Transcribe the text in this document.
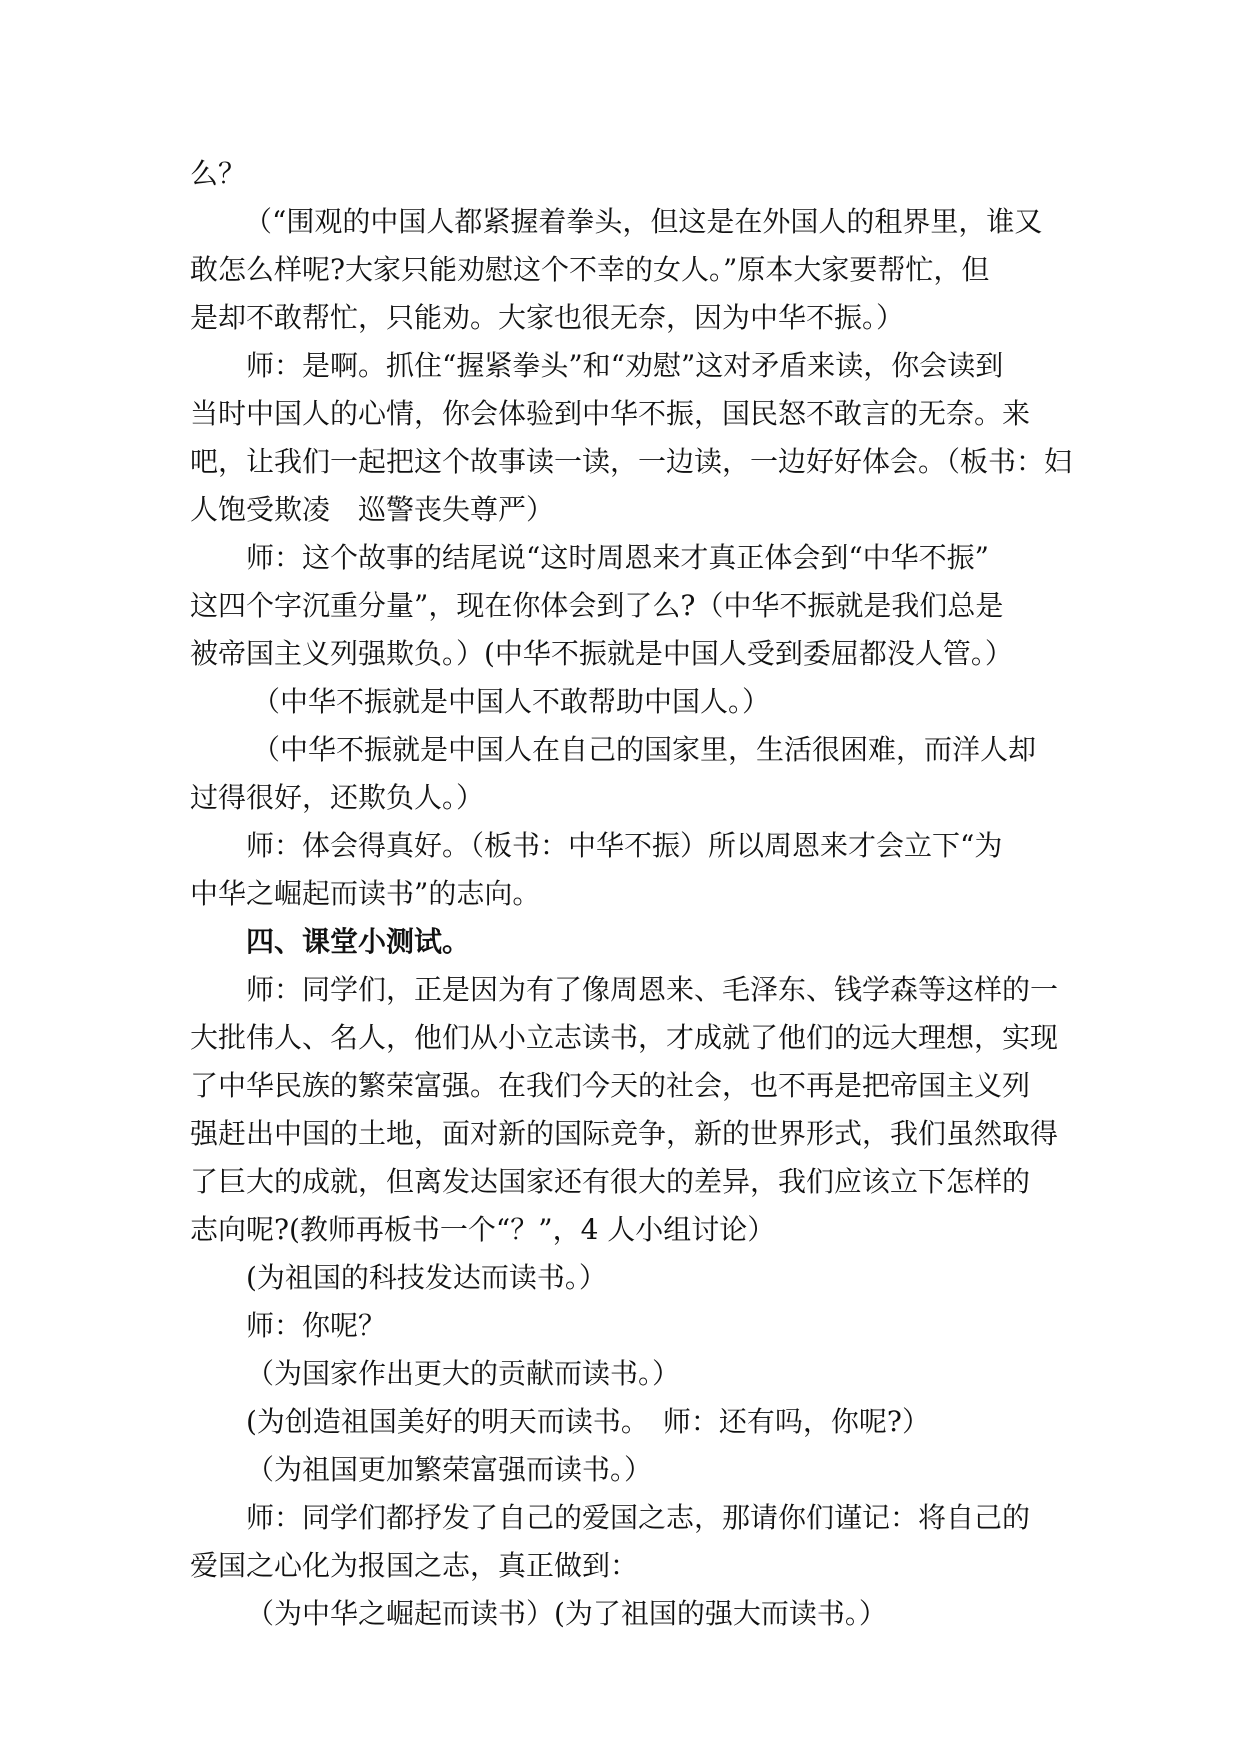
么？
（“围观的中国人都紧握着拳头，但这是在外国人的租界里，谁又
敢怎么样呢?大家只能劝慰这个不幸的女人。”原本大家要帮忙，但
是却不敢帮忙，只能劝。大家也很无奈，因为中华不振。）
师：是啊。抓住“握紧拳头”和“劝慰”这对矛盾来读，你会读到
当时中国人的心情，你会体验到中华不振，国民怒不敢言的无奈。来
吧，让我们一起把这个故事读一读，一边读，一边好好体会。（板书：妇
人饱受欺凌　巡警丧失尊严）
师：这个故事的结尾说“这时周恩来才真正体会到“中华不振”
这四个字沉重分量”，现在你体会到了么?（中华不振就是我们总是
被帝国主义列强欺负。）(中华不振就是中国人受到委屈都没人管。）
（中华不振就是中国人不敢帮助中国人。）
（中华不振就是中国人在自己的国家里，生活很困难，而洋人却
过得很好，还欺负人。）
师：体会得真好。（板书：中华不振）所以周恩来才会立下“为
中华之崛起而读书”的志向。
四、课堂小测试。
师：同学们，正是因为有了像周恩来、毛泽东、钱学森等这样的一
大批伟人、名人，他们从小立志读书，才成就了他们的远大理想，实现
了中华民族的繁荣富强。在我们今天的社会，也不再是把帝国主义列
强赶出中国的土地，面对新的国际竞争，新的世界形式，我们虽然取得
了巨大的成就，但离发达国家还有很大的差异，我们应该立下怎样的
志向呢?(教师再板书一个“？”，4 人小组讨论）
(为祖国的科技发达而读书。）
师：你呢？
（为国家作出更大的贡献而读书。）
(为创造祖国美好的明天而读书。　师：还有吗，你呢?）
（为祖国更加繁荣富强而读书。）
师：同学们都抒发了自己的爱国之志，那请你们谨记：将自己的
爱国之心化为报国之志，真正做到：
（为中华之崛起而读书）(为了祖国的强大而读书。）
